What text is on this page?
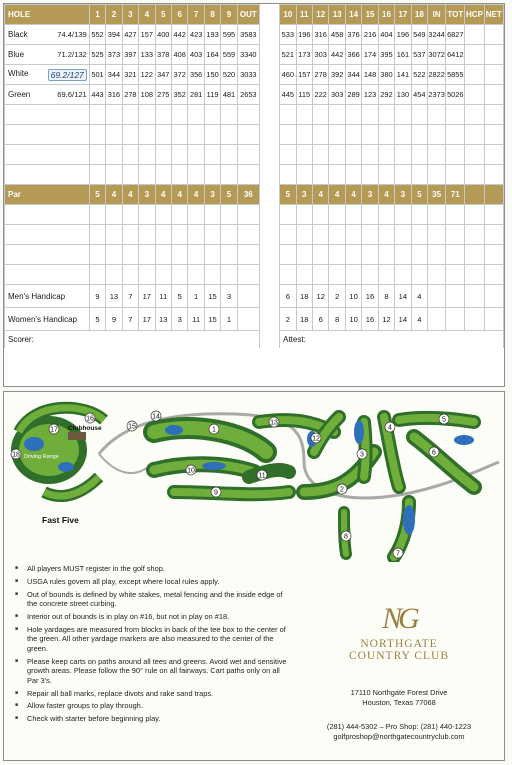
HOLE	1	2	3	4	5	6	7	8	9	OUT		10	11	12	13	14	15	16	17	18	IN	TOT	HCP	NET
Black 74.4/139	552	394	427	157	400	442	423	193	595	3583		533	196	316	458	376	216	404	196	549	3244	6827		
Blue 71.2/132	525	373	397	133	378	408	403	164	559	3340		521	173	303	442	366	174	395	161	537	3072	6412		
White 69.2/127	501	344	321	122	347	372	356	150	520	3033		460	157	278	392	344	148	380	141	522	2822	5855		
Green 69.6/121	443	316	278	108	275	352	281	119	481	2653		445	115	222	303	289	123	292	130	454	2373	5026		

Par	5	4	4	3	4	4	4	3	5	36		5	3	4	4	4	3	4	3	5	35	71		

Men's Handicap	9	13	7	17	11	5	1	15	3			6	18	12	2	10	16	8	14	4				
Women's Handicap	5	9	7	17	13	3	11	15	1			2	18	6	8	10	16	12	14	4				
Scorer:												Attest:												
1
2
3
4
5
6
7
8
9
10
11
12
13
14
15
16
17
18
Clubhouse
Driving Range
Fast Five
■ All players MUST register in the golf shop.
■ USGA rules govern all play, except where local rules apply.
■ Out of bounds is defined by white stakes, metal fencing and the inside edge of the concrete street curbing.
■ Interior out of bounds is in play on #16, but not in play on #18.
■ Hole yardages are measured from blocks in back of the tee box to the center of the green. All other yardage markers are also measured to the center of the green.
■ Please keep carts on paths around all tees and greens. Avoid wet and sensitive growth areas. Please follow the 90° rule on all fairways. Cart paths only on all Par 3's.
■ Repair all ball marks, replace divots and rake sand traps.
■ Allow faster groups to play through.
■ Check with starter before beginning play.
NG
NORTHGATE
COUNTRY CLUB
17110 Northgate Forest Drive
Houston, Texas 77068
(281) 444-5302 – Pro Shop: (281) 440-1223
golfproshop@northgatecountryclub.com
